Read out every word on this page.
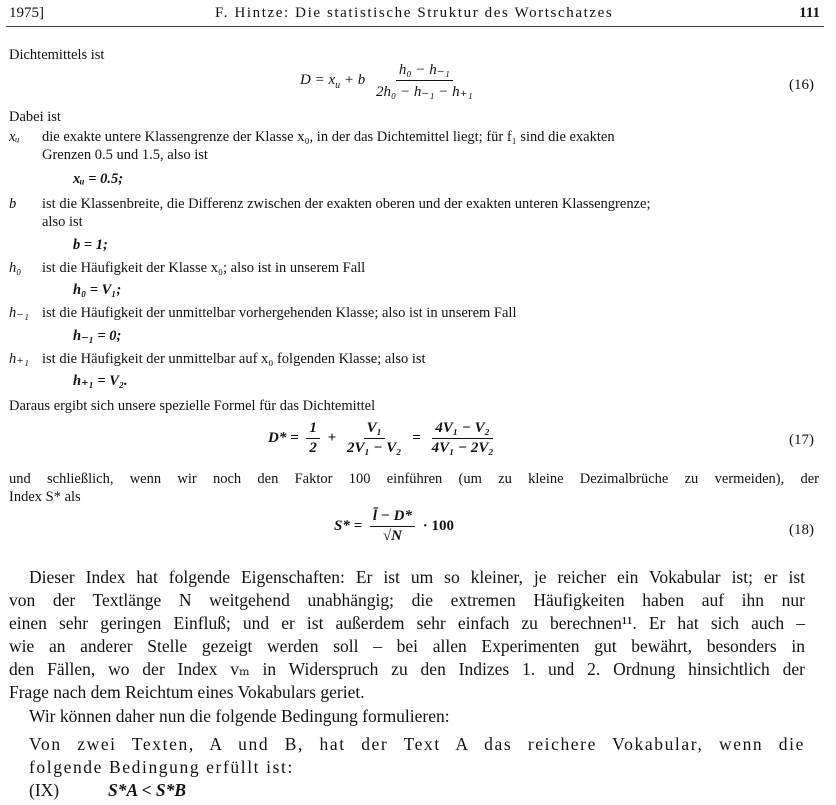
1975]	F. Hintze: Die statistische Struktur des Wortschatzes	111
Dichtemittels ist
$D = x_u + b \frac{\text{h₀ − h₋₁}}{\text{2h₀ − h₋₁ − h₊₁}}$	(16)
Dabei ist
xᵤ die exakte untere Klassengrenze der Klasse x₀, in der das Dichtemittel liegt; für f₁ sind die exakten
Grenzen 0.5 und 1.5, also ist
xᵤ = 0.5;
b ist die Klassenbreite, die Differenz zwischen der exakten oberen und der exakten unteren Klassengrenze;
also ist
b = 1;
h₀ ist die Häufigkeit der Klasse x₀; also ist in unserem Fall
h₀ = V₁;
h₋₁ ist die Häufigkeit der unmittelbar vorhergehenden Klasse; also ist in unserem Fall
h₋₁ = 0;
h₊₁ ist die Häufigkeit der unmittelbar auf x₀ folgenden Klasse; also ist
h₊₁ = V₂.
Daraus ergibt sich unsere spezielle Formel für das Dichtemittel
$D* = \frac{1}{2} + \frac{\text{V₁}}{\text{2V₁ − V₂}} = \frac{\text{4V₁ − V₂}}{\text{4V₁ − 2V₂}}$	(17)
und schließlich, wenn wir noch den Faktor 100 einführen (um zu kleine Dezimalbrüche zu vermeiden), der
Index S* als
$S* = \frac{l̄ - D*}{√N} \cdot 100$	(18)
Dieser Index hat folgende Eigenschaften: Er ist um so kleiner, je reicher ein Vokabular ist; er ist
von der Textlänge N weitgehend unabhängig; die extremen Häufigkeiten haben auf ihn nur
einen sehr geringen Einfluß; und er ist außerdem sehr einfach zu berechnen¹¹. Er hat sich auch –
wie an anderer Stelle gezeigt werden soll – bei allen Experimenten gut bewährt, besonders in
den Fällen, wo der Index vₘ in Widerspruch zu den Indizes 1. und 2. Ordnung hinsichtlich der
Frage nach dem Reichtum eines Vokabulars geriet.
Wir können daher nun die folgende Bedingung formulieren:
Von zwei Texten, A und B, hat der Text A das reichere Vokabular, wenn die
folgende Bedingung erfüllt ist:
(IX)	S*A < S*B
